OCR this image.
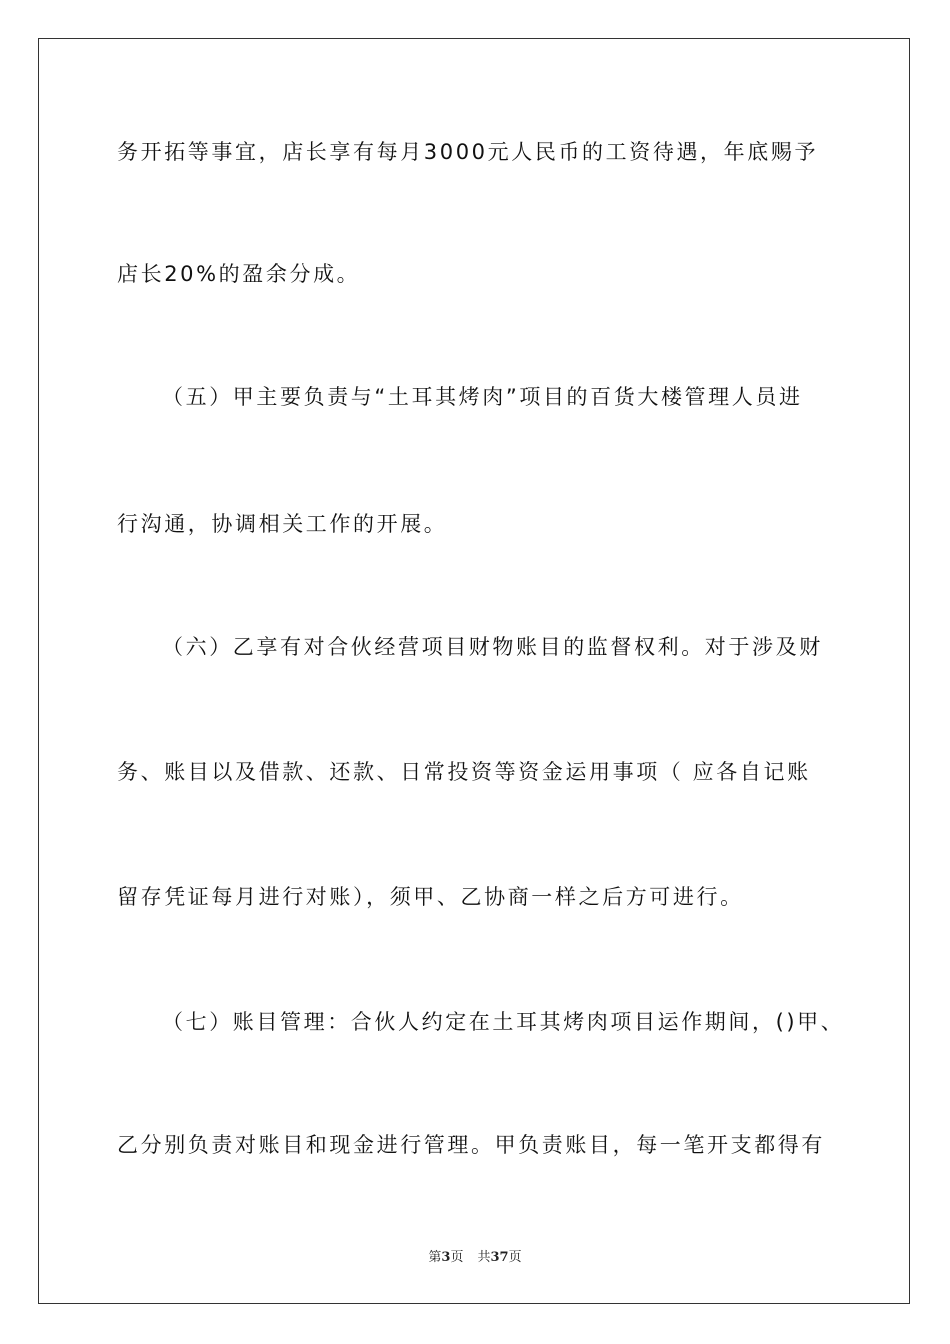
务开拓等事宜，店长享有每月3000元人民币的工资待遇，年底赐予
店长20%的盈余分成。
（五）甲主要负责与“土耳其烤肉”项目的百货大楼管理人员进
行沟通，协调相关工作的开展。
（六）乙享有对合伙经营项目财物账目的监督权利。对于涉及财
务、账目以及借款、还款、日常投资等资金运用事项（ 应各自记账
留存凭证每月进行对账），须甲、乙协商一样之后方可进行。
（七）账目管理：合伙人约定在土耳其烤肉项目运作期间，()甲、
乙分别负责对账目和现金进行管理。甲负责账目，每一笔开支都得有
第3页 共37页
